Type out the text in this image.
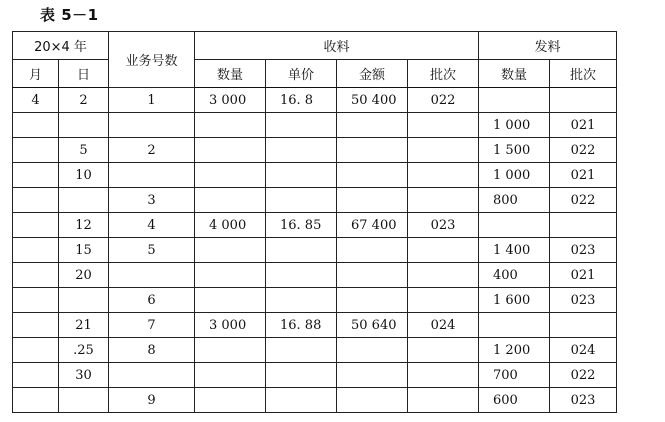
表 5－1
20×4 年		业务号数	收料				发料	
月	日		数量	单价	金额	批次	数量	批次
4	2	1	3 000	16. 8	50 400	022		
							1 000	021
	5	2					1 500	022
	10						1 000	021
		3					800	022
	12	4	4 000	16. 85	67 400	023		
	15	5					1 400	023
	20						400	021
		6					1 600	023
	21	7	3 000	16. 88	50 640	024		
	.25	8					1 200	024
	30						700	022
		9					600	023
